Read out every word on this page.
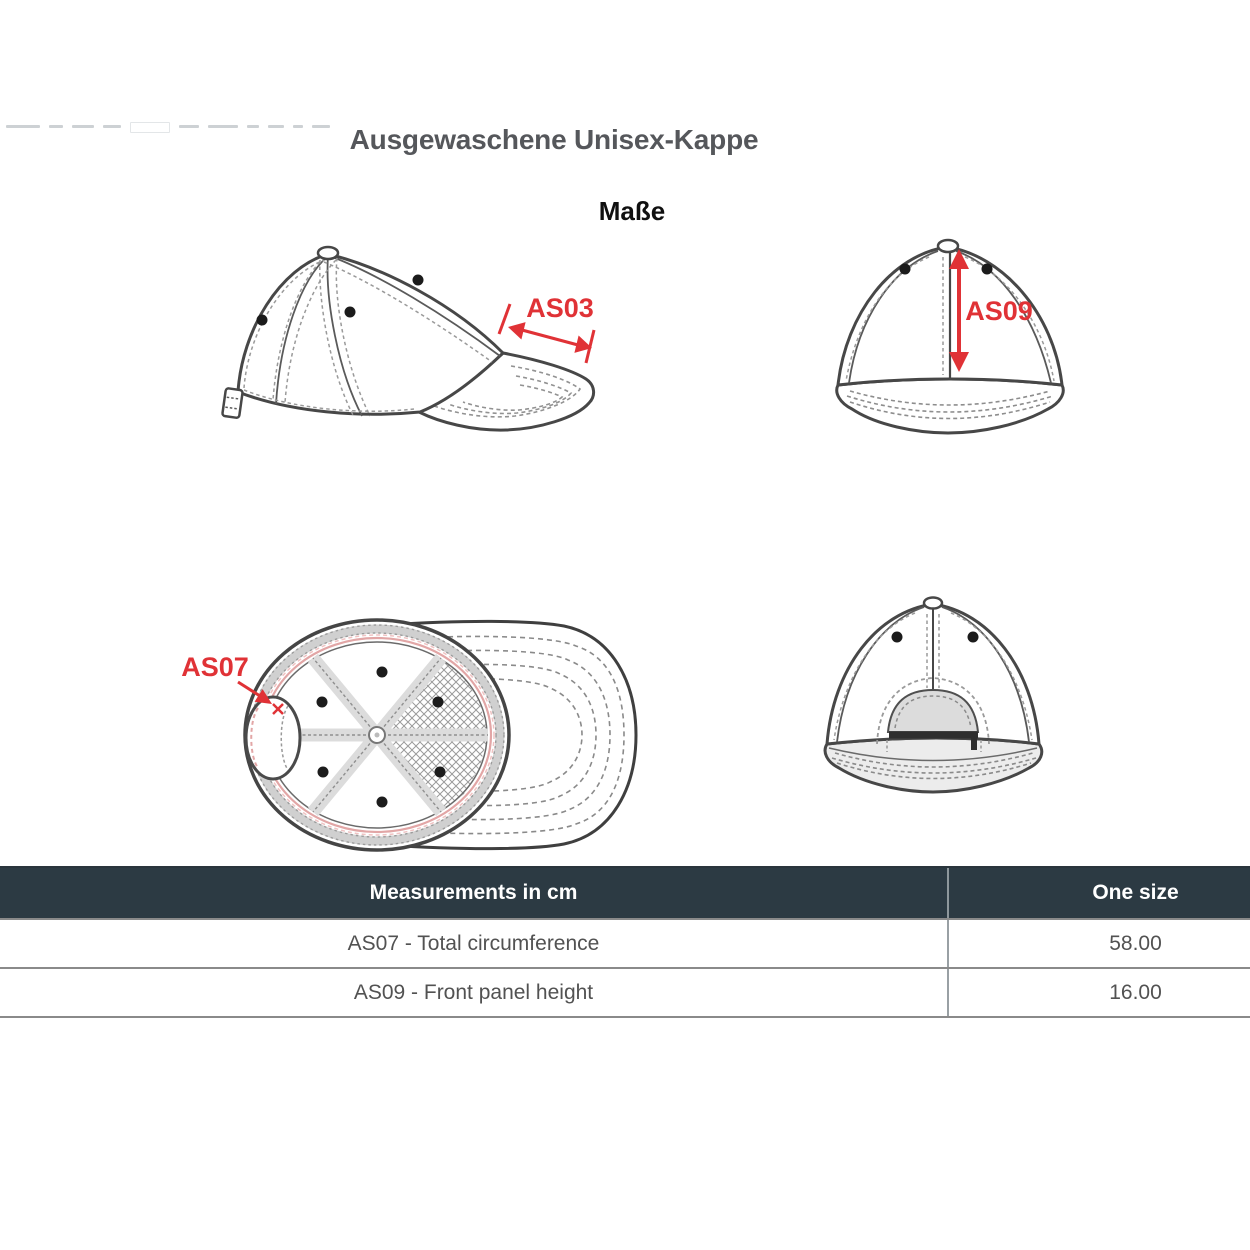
Ausgewaschene Unisex-Kappe
Maße
AS03	AS09
AS07
Measurements in cm	One size
AS07 - Total circumference	58.00
AS09 - Front panel height	16.00
